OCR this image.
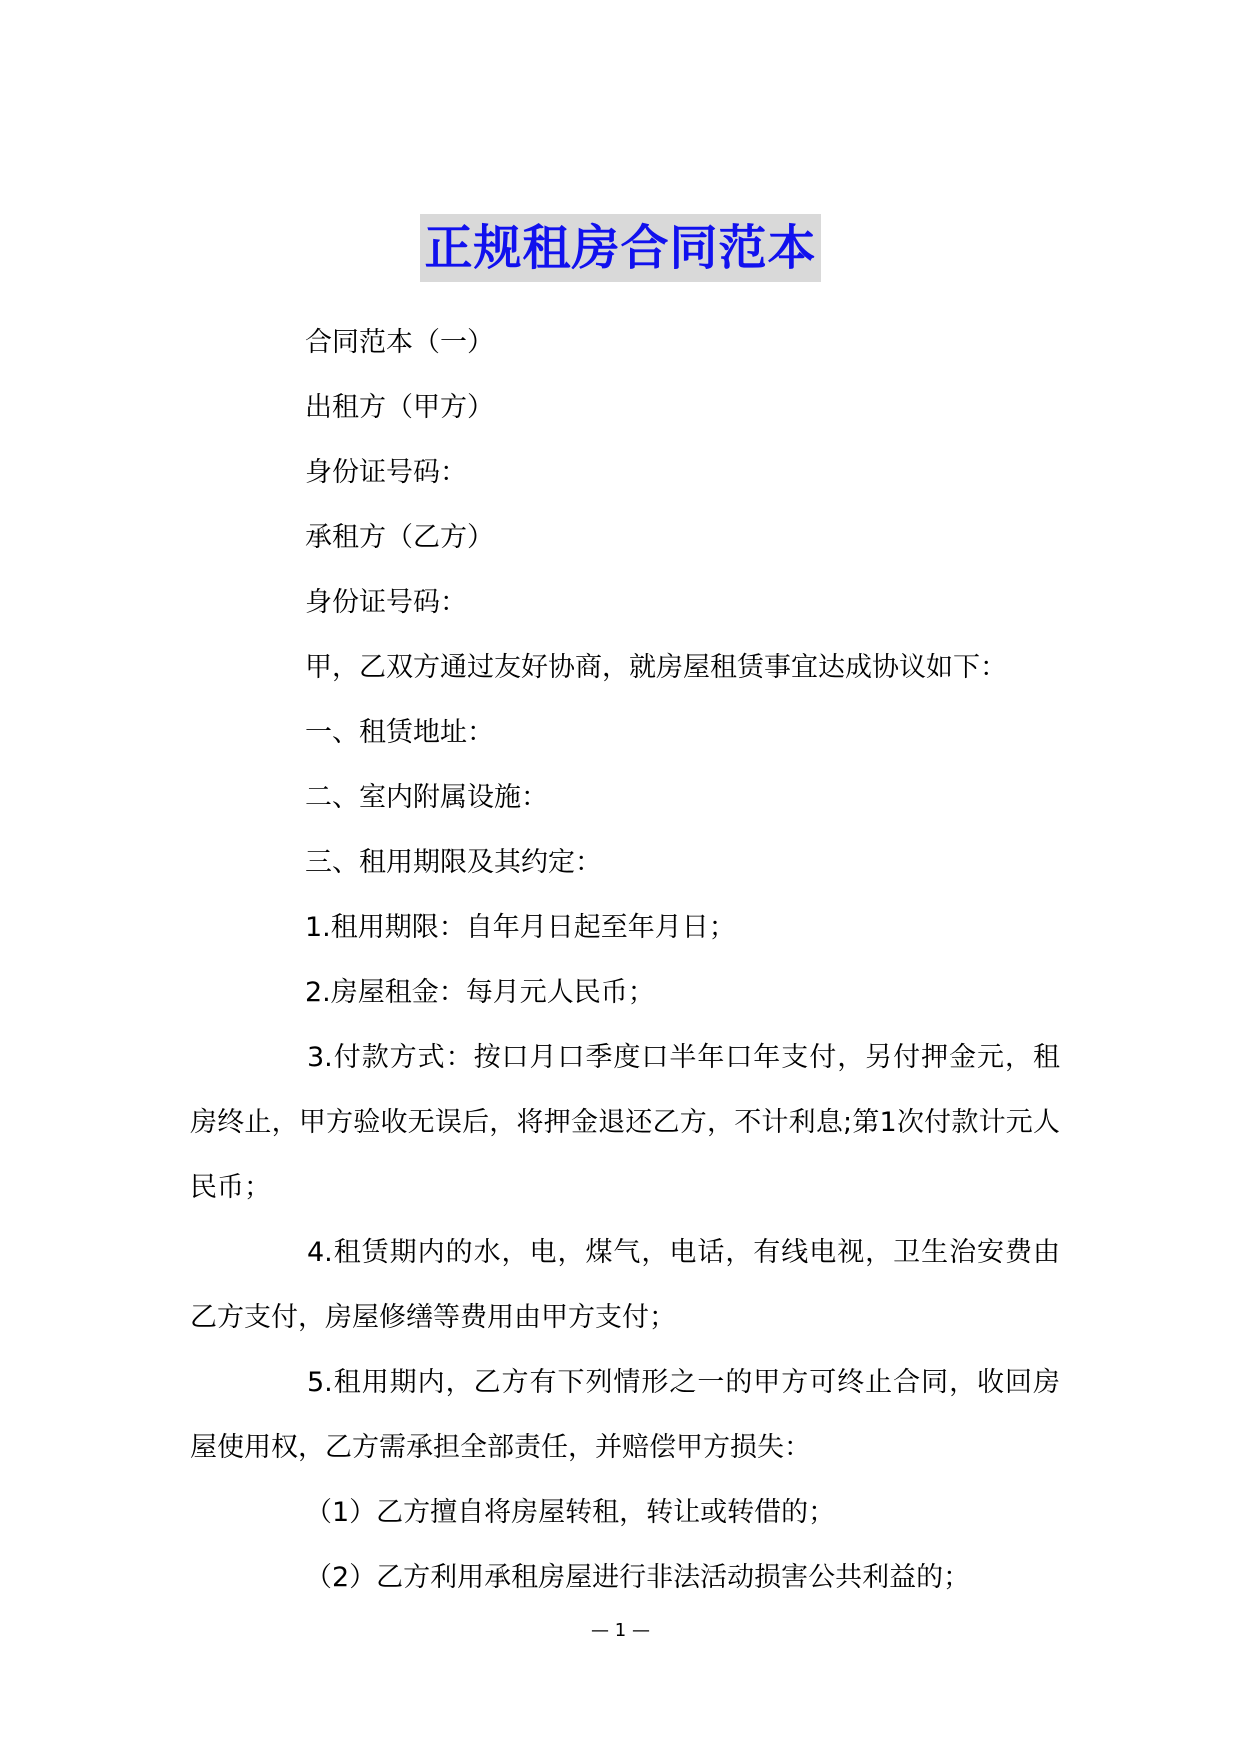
正规租房合同范本
合同范本（一）
出租方（甲方）
身份证号码：
承租方（乙方）
身份证号码：
甲，乙双方通过友好协商，就房屋租赁事宜达成协议如下：
一、租赁地址：
二、室内附属设施：
三、租用期限及其约定：
1.租用期限：自年月日起至年月日；
2.房屋租金：每月元人民币；

3.付款方式：按口月口季度口半年口年支付，另付押金元，租房终止，甲方验收无误后，将押金退还乙方，不计利息;第1次付款计元人民币；

4.租赁期内的水，电，煤气，电话，有线电视，卫生治安费由乙方支付，房屋修缮等费用由甲方支付；

5.租用期内，乙方有下列情形之一的甲方可终止合同，收回房屋使用权，乙方需承担全部责任，并赔偿甲方损失：

（1）乙方擅自将房屋转租，转让或转借的；
（2）乙方利用承租房屋进行非法活动损害公共利益的；
— 1 —
